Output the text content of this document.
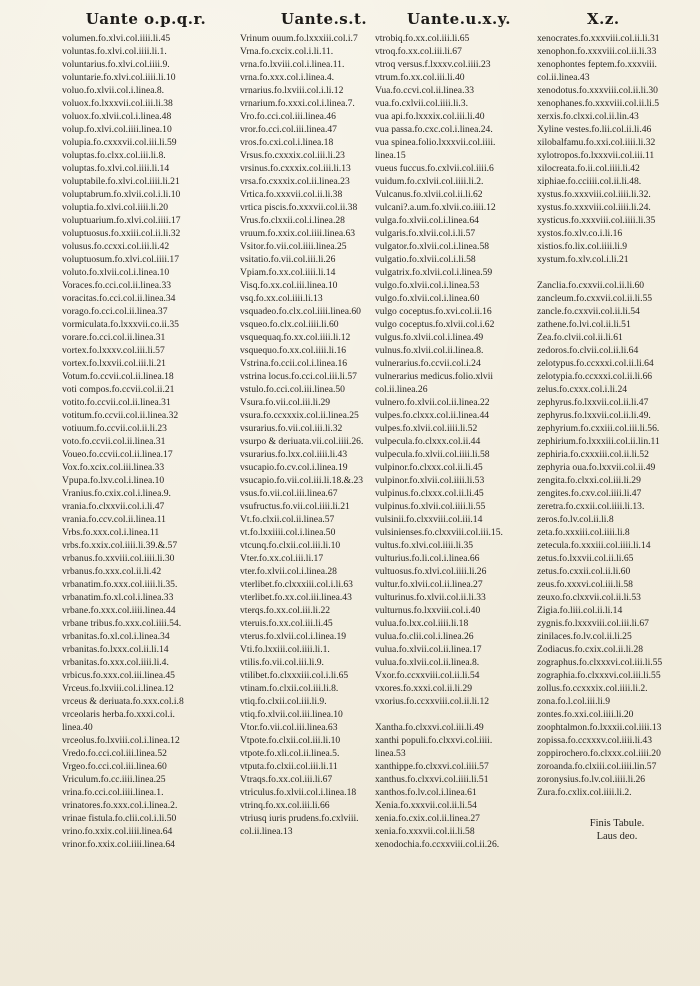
Uante o.p.q.r.
volumen.fo.xlvi.col.iiii.li.45
voluntas.fo.xlvi.col.iiii.li.1.
voluntarius.fo.xlvi.col.iiii.9.
voluntarie.fo.xlvi.col.iiii.li.10
voluo.fo.xlvii.col.i.linea.8.
voluox.fo.lxxxvii.col.iii.li.38
voluox.fo.xlvii.col.i.linea.48
volup.fo.xlvi.col.iiii.linea.10
volupia.fo.cxxxvii.col.iii.li.59
voluptas.fo.clxx.col.iii.li.8.
voluptas.fo.xlvi.col.iiii.li.14
voluptabile.fo.xlvi.col.iiii.li.21
voluptabrum.fo.xlvii.col.i.li.10
voluptia.fo.xlvi.col.iiii.li.20
voluptuarium.fo.xlvi.col.iiii.17
voluptuosus.fo.xxiii.col.ii.li.32
volusus.fo.ccxxi.col.iii.li.42
voluptuosum.fo.xlvi.col.iiii.17
voluto.fo.xlvii.col.i.linea.10
Voraces.fo.cci.col.ii.linea.33
voracitas.fo.cci.col.ii.linea.34
vorago.fo.cci.col.ii.linea.37
vormiculata.fo.lxxxvii.co.ii.35
vorare.fo.cci.col.ii.linea.31
vortex.fo.lxxxv.col.iii.li.57
vortex.fo.lxxvii.col.iii.li.21
Votum.fo.ccvii.col.ii.linea.18
voti compos.fo.ccvii.col.ii.21
votito.fo.ccvii.col.ii.linea.31
votitum.fo.ccvii.col.ii.linea.32
votiuum.fo.ccvii.col.ii.li.23
voto.fo.ccvii.col.ii.linea.31
Voueo.fo.ccvii.col.ii.linea.17
Vox.fo.xcix.col.iii.linea.33
Vpupa.fo.lxv.col.i.linea.10
Vranius.fo.cxix.col.i.linea.9.
vrania.fo.clxxvii.col.i.li.47
vrania.fo.ccv.col.ii.linea.11
Vrbs.fo.xxx.col.i.linea.11
vrbs.fo.xxix.col.iiii.li.39.&.57
vrbanus.fo.xxviii.col.iiii.li.30
vrbanus.fo.xxx.col.ii.li.42
vrbanatim.fo.xxx.col.iiii.li.35.
vrbanatim.fo.xl.col.i.linea.33
vrbane.fo.xxx.col.iiii.linea.44
vrbane tribus.fo.xxx.col.iiii.54.
vrbanitas.fo.xl.col.i.linea.34
vrbanitas.fo.lxxx.col.ii.li.14
vrbanitas.fo.xxx.col.iiii.li.4.
vrbicus.fo.xxx.col.iii.linea.45
Vrceus.fo.lxviii.col.i.linea.12
vrceus & deriuata.fo.xxx.col.i.8
vrceolaris herba.fo.xxxi.col.i.
linea.40
vrceolus.fo.lxviii.col.i.linea.12
Vredo.fo.cci.col.iii.linea.52
Vrgeo.fo.cci.col.iii.linea.60
Vriculum.fo.cc.iiii.linea.25
vrina.fo.cci.col.iiii.linea.1.
vrinatores.fo.xxx.col.i.linea.2.
vrinae fistula.fo.clii.col.i.li.50
vrino.fo.xxix.col.iiii.linea.64
vrinor.fo.xxix.col.iiii.linea.64
Uante.s.t.
Vrinum ouum.fo.lxxxiii.col.i.7
Vrna.fo.cxcix.col.i.li.11.
vrna.fo.lxviii.col.i.linea.11.
vrna.fo.xxx.col.i.linea.4.
vrnarius.fo.lxviii.col.i.li.12
vrnarium.fo.xxxi.col.i.linea.7.
Vro.fo.cci.col.iii.linea.46
vror.fo.cci.col.iii.linea.47
vros.fo.cxi.col.i.linea.18
Vrsus.fo.cxxxix.col.iii.li.23
vrsinus.fo.cxxxix.col.iii.li.13
vrsa.fo.cxxxix.col.ii.linea.23
Vrtica.fo.xxxvii.col.ii.li.38
vrtica piscis.fo.xxxvii.col.ii.38
Vrus.fo.clxxii.col.i.linea.28
vruum.fo.xxix.col.iiii.linea.63
Vsitor.fo.vii.col.iiii.linea.25
vsitatio.fo.vii.col.iii.li.26
Vpiam.fo.xx.col.iiii.li.14
Visq.fo.xx.col.iii.linea.10
vsq.fo.xx.col.iiii.li.13
vsquadeo.fo.clx.col.iiii.linea.60
vsqueo.fo.clx.col.iiii.li.60
vsquequaq.fo.xx.col.iiii.li.12
vsquequo.fo.xx.col.iiii.li.16
Vstrina.fo.ccii.col.i.linea.16
vstrina locus.fo.cci.col.iii.li.57
vstulo.fo.cci.col.iii.linea.50
Vsura.fo.vii.col.iii.li.29
vsura.fo.ccxxxix.col.ii.linea.25
vsurarius.fo.vii.col.iii.li.32
vsurpo & deriuata.vii.col.iiii.26.
vsurarius.fo.lxx.col.iiii.li.43
vsucapio.fo.cv.col.i.linea.19
vsucapio.fo.vii.col.iii.li.18.&.23
vsus.fo.vii.col.iii.linea.67
vsufructus.fo.vii.col.iiii.li.21
Vt.fo.clxii.col.ii.linea.57
vt.fo.lxxiiii.col.i.linea.50
vtcunq.fo.clxii.col.iii.li.10
Vter.fo.xx.col.iii.li.17
vter.fo.xlvii.col.i.linea.28
vterlibet.fo.clxxxiii.col.i.li.63
vterlibet.fo.xx.col.iii.linea.43
vterqs.fo.xx.col.iii.li.22
vteruis.fo.xx.col.iii.li.45
vterus.fo.xlvii.col.i.linea.19
Vti.fo.lxxiii.col.iiii.li.1.
vtilis.fo.vii.col.iii.li.9.
vtilibet.fo.clxxxiii.col.i.li.65
vtinam.fo.clxii.col.iii.li.8.
vtiq.fo.clxii.col.iii.li.9.
vtiq.fo.xlvii.col.iii.linea.10
Vtor.fo.vii.col.iii.linea.63
Vtpote.fo.clxii.col.iii.li.10
vtpote.fo.xli.col.ii.linea.5.
vtputa.fo.clxii.col.iii.li.11
Vtraqs.fo.xx.col.iii.li.67
vtriculus.fo.xlvii.col.i.linea.18
vtrinq.fo.xx.col.iii.li.66
vtriusq iuris prudens.fo.cxlviii.
col.ii.linea.13
Uante.u.x.y.
vtrobiq.fo.xx.col.iii.li.65
vtroq.fo.xx.col.iii.li.67
vtroq versus.f.lxxxv.col.iiii.23
vtrum.fo.xx.col.iii.li.40
Vua.fo.ccvi.col.ii.linea.33
vua.fo.cxlvii.col.iiii.li.3.
vua api.fo.lxxxix.col.iii.li.40
vua passa.fo.cxc.col.i.linea.24.
vua spinea.folio.lxxxvii.col.iiii.
linea.15
vueus fuccus.fo.cxlvii.col.iiii.6
vuidum.fo.cxlvii.col.iiii.li.2.
Vulcanus.fo.xlvii.col.ii.li.62
vulcani?.a.um.fo.xlvii.co.iiii.12
vulga.fo.xlvii.col.i.linea.64
vulgaris.fo.xlvii.col.i.li.57
vulgator.fo.xlvii.col.i.linea.58
vulgatio.fo.xlvii.col.i.li.58
vulgatrix.fo.xlvii.col.i.linea.59
vulgo.fo.xlvii.col.i.linea.53
vulgo.fo.xlvii.col.i.linea.60
vulgo coceptus.fo.xvi.col.ii.16
vulgo coceptus.fo.xlvii.col.i.62
vulgus.fo.xlvii.col.i.linea.49
vulnus.fo.xlvii.col.ii.linea.8.
vulnerarius.fo.ccvii.col.i.24
vulnerarius medicus.folio.xlvii
col.ii.linea.26
vulnero.fo.xlvii.col.ii.linea.22
vulpes.fo.clxxx.col.ii.linea.44
vulpes.fo.xlvii.col.iiii.li.52
vulpecula.fo.clxxx.col.ii.44
vulpecula.fo.xlvii.col.iiii.li.58
vulpinor.fo.clxxx.col.ii.li.45
vulpinor.fo.xlvii.col.iiii.li.53
vulpinus.fo.clxxx.col.ii.li.45
vulpinus.fo.xlvii.col.iiii.li.55
vulsinii.fo.clxxviii.col.iii.14
vulsinienses.fo.clxxviii.col.iii.15.
vultus.fo.xlvi.col.iiii.li.35
vulturius.fo.li.col.i.linea.66
vultuosus.fo.xlvi.col.iiii.li.26
vultur.fo.xlvii.col.ii.linea.27
vulturinus.fo.xlvii.col.ii.li.33
vulturnus.fo.lxxviii.col.i.40
vulua.fo.lxx.col.iiii.li.18
vulua.fo.clii.col.i.linea.26
vulua.fo.xlvii.col.ii.linea.17
vulua.fo.xlvii.col.ii.linea.8.
Vxor.fo.ccxxviii.col.ii.li.54
vxores.fo.xxxi.col.ii.li.29
vxorius.fo.ccxxviii.col.ii.li.12
Xantha.fo.clxxvi.col.iii.li.49
xanthi populi.fo.clxxvi.col.iiii.
linea.53
xanthippe.fo.clxxvi.col.iiii.57
xanthus.fo.clxxvi.col.iiii.li.51
xanthos.fo.lv.col.i.linea.61
Xenia.fo.xxxvii.col.ii.li.54
xenia.fo.cxix.col.ii.linea.27
xenia.fo.xxxvii.col.ii.li.58
xenodochia.fo.ccxxviii.col.ii.26.
X.z.
xenocrates.fo.xxxviii.col.ii.li.31
xenophon.fo.xxxviii.col.ii.li.33
xenophontes feptem.fo.xxxviii.
col.ii.linea.43
xenodotus.fo.xxxviii.col.ii.li.30
xenophanes.fo.xxxviii.col.ii.li.5
xerxis.fo.clxxi.col.ii.lin.43
Xyline vestes.fo.lii.col.ii.li.46
xilobalfamu.fo.xxi.col.iiii.li.32
xylotropos.fo.lxxxvii.col.iii.11
xilocreata.fo.ii.col.iiii.li.42
xiphiae.fo.cciiii.col.ii.li.48.
xystus.fo.xxxviii.col.iiii.li.32.
xystus.fo.xxxviii.col.iiii.li.24.
xysticus.fo.xxxviii.col.iiii.li.35
xystos.fo.xlv.co.i.li.16
xistios.fo.lix.col.iiii.li.9
xystum.fo.xlv.col.i.li.21
Zanclia.fo.cxxvii.col.ii.li.60
zancleum.fo.cxxvii.col.ii.li.55
zancle.fo.cxxvii.col.ii.li.54
zathene.fo.lvi.col.ii.li.51
Zea.fo.clvii.col.ii.li.61
zedoros.fo.clvii.col.ii.li.64
zelotypus.fo.ccxxxi.col.ii.li.64
zelotypia.fo.ccxxxi.col.ii.li.66
zelus.fo.cxxx.col.i.li.24
zephyrus.fo.lxxvii.col.ii.li.47
zephyrus.fo.lxxvii.col.ii.li.49.
zephyrium.fo.cxxiii.col.iii.li.56.
zephirium.fo.lxxxiii.col.ii.lin.11
zephiria.fo.cxxxiii.col.ii.li.52
zephyria oua.fo.lxxvii.col.ii.49
zengita.fo.clxxi.col.iii.li.29
zengites.fo.cxv.col.iiii.li.47
zeretra.fo.cxxii.col.iiii.li.13.
zeros.fo.lv.col.ii.li.8
zeta.fo.xxxiii.col.iiii.li.8
zetecula.fo.xxxiii.col.iiii.li.14
zetus.fo.lxxvii.col.ii.li.65
zetus.fo.cxxii.col.ii.li.60
zeus.fo.xxxvi.col.iii.li.58
zeuxo.fo.clxxvii.col.ii.li.53
Zigia.fo.liii.col.ii.li.14
zygnis.fo.lxxxviii.col.iii.li.67
zinilaces.fo.lv.col.ii.li.25
Zodiacus.fo.cxix.col.ii.li.28
zographus.fo.clxxxvi.col.iii.li.55
zographia.fo.clxxxvi.col.iii.li.55
zollus.fo.ccxxxix.col.iiii.li.2.
zona.fo.l.col.iii.li.9
zontes.fo.xxi.col.iiii.li.20
zoophtalmon.fo.lxxxii.col.iiii.13
zopissa.fo.ccxxxv.col.iiii.li.43
zoppirochero.fo.clxxx.col.iiii.20
zoroanda.fo.clxiii.col.iiii.lin.57
zoronysius.fo.lv.col.iiii.li.26
Zura.fo.cxlix.col.iiii.li.2.
Finis Tabule.
Laus deo.
